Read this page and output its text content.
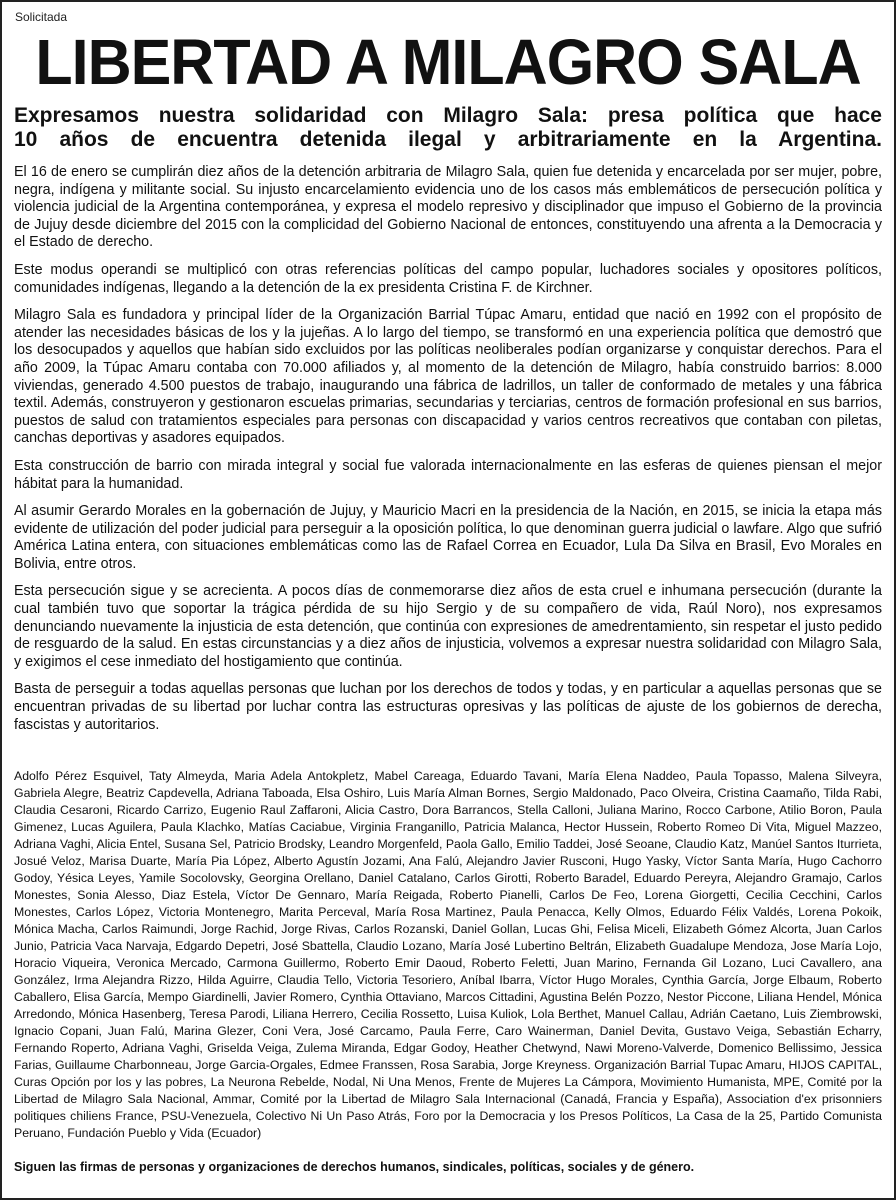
Solicitada
LIBERTAD A MILAGRO SALA
Expresamos nuestra solidaridad con Milagro Sala: presa política que hace
10 años de encuentra detenida ilegal y arbitrariamente en la Argentina.

El 16 de enero se cumplirán diez años de la detención arbitraria de Milagro Sala, quien fue detenida y encarcelada por ser mujer, pobre, negra, indígena y militante social. Su injusto encarcelamiento evidencia uno de los casos más emblemáticos de persecución política y violencia judicial de la Argentina contemporánea, y expresa el modelo represivo y disciplinador que impuso el Gobierno de la provincia de Jujuy desde diciembre del 2015 con la complicidad del Gobierno Nacional de entonces, constituyendo una afrenta a la Democracia y el Estado de derecho.

Este modus operandi se multiplicó con otras referencias políticas del campo popular, luchadores sociales y opositores políticos, comunidades indígenas, llegando a la detención de la ex presidenta Cristina F. de Kirchner.

Milagro Sala es fundadora y principal líder de la Organización Barrial Túpac Amaru, entidad que nació en 1992 con el propósito de atender las necesidades básicas de los y la jujeñas. A lo largo del tiempo, se transformó en una experiencia política que demostró que los desocupados y aquellos que habían sido excluidos por las políticas neoliberales podían organizarse y conquistar derechos. Para el año 2009, la Túpac Amaru contaba con 70.000 afiliados y, al momento de la detención de Milagro, había construido barrios: 8.000 viviendas, generado 4.500 puestos de trabajo, inaugurando una fábrica de ladrillos, un taller de conformado de metales y una fábrica textil. Además, construyeron y gestionaron escuelas primarias, secundarias y terciarias, centros de formación profesional en sus barrios, puestos de salud con tratamientos especiales para personas con discapacidad y varios centros recreativos que contaban con piletas, canchas deportivas y asadores equipados.

Esta construcción de barrio con mirada integral y social fue valorada internacionalmente en las esferas de quienes piensan el mejor hábitat para la humanidad.

Al asumir Gerardo Morales en la gobernación de Jujuy, y Mauricio Macri en la presidencia de la Nación, en 2015, se inicia la etapa más evidente de utilización del poder judicial para perseguir a la oposición política, lo que denominan guerra judicial o lawfare. Algo que sufrió América Latina entera, con situaciones emblemáticas como las de Rafael Correa en Ecuador, Lula Da Silva en Brasil, Evo Morales en Bolivia, entre otros.

Esta persecución sigue y se acrecienta. A pocos días de conmemorarse diez años de esta cruel e inhumana persecución (durante la cual también tuvo que soportar la trágica pérdida de su hijo Sergio y de su compañero de vida, Raúl Noro), nos expresamos denunciando nuevamente la injusticia de esta detención, que continúa con expresiones de amedrentamiento, sin respetar el justo pedido de resguardo de la salud. En estas circunstancias y a diez años de injusticia, volvemos a expresar nuestra solidaridad con Milagro Sala, y exigimos el cese inmediato del hostigamiento que continúa.

Basta de perseguir a todas aquellas personas que luchan por los derechos de todos y todas, y en particular a aquellas personas que se encuentran privadas de su libertad por luchar contra las estructuras opresivas y las políticas de ajuste de los gobiernos de derecha, fascistas y autoritarios.

Adolfo Pérez Esquivel, Taty Almeyda, Maria Adela Antokpletz, Mabel Careaga, Eduardo Tavani, María Elena Naddeo, Paula Topasso, Malena Silveyra, Gabriela Alegre, Beatriz Capdevella, Adriana Taboada, Elsa Oshiro, Luis María Alman Bornes, Sergio Maldonado, Paco Olveira, Cristina Caamaño, Tilda Rabi, Claudia Cesaroni, Ricardo Carrizo, Eugenio Raul Zaffaroni, Alicia Castro, Dora Barrancos, Stella Calloni, Juliana Marino, Rocco Carbone, Atilio Boron, Paula Gimenez, Lucas Aguilera, Paula Klachko, Matías Caciabue, Virginia Franganillo, Patricia Malanca, Hector Hussein, Roberto Romeo Di Vita, Miguel Mazzeo, Adriana Vaghi, Alicia Entel, Susana Sel, Patricio Brodsky, Leandro Morgenfeld, Paola Gallo, Emilio Taddei, José Seoane, Claudio Katz, Manúel Santos Iturrieta, Josué Veloz, Marisa Duarte, María Pia López, Alberto Agustín Jozami, Ana Falú, Alejandro Javier Rusconi, Hugo Yasky, Víctor Santa María, Hugo Cachorro Godoy, Yésica Leyes, Yamile Socolovsky, Georgina Orellano, Daniel Catalano, Carlos Girotti, Roberto Baradel, Eduardo Pereyra, Alejandro Gramajo, Carlos Monestes, Sonia Alesso, Diaz Estela, Víctor De Gennaro, María Reigada, Roberto Pianelli, Carlos De Feo, Lorena Giorgetti, Cecilia Cecchini, Carlos Monestes, Carlos López, Victoria Montenegro, Marita Perceval, María Rosa Martinez, Paula Penacca, Kelly Olmos, Eduardo Félix Valdés, Lorena Pokoik, Mónica Macha, Carlos Raimundi, Jorge Rachid, Jorge Rivas, Carlos Rozanski, Daniel Gollan, Lucas Ghi, Felisa Miceli, Elizabeth Gómez Alcorta, Juan Carlos Junio, Patricia Vaca Narvaja, Edgardo Depetri, José Sbattella, Claudio Lozano, María José Lubertino Beltrán, Elizabeth Guadalupe Mendoza, Jose María Lojo, Horacio Viqueira, Veronica Mercado, Carmona Guillermo, Roberto Emir Daoud, Roberto Feletti, Juan Marino, Fernanda Gil Lozano, Luci Cavallero, ana González, Irma Alejandra Rizzo, Hilda Aguirre, Claudia Tello, Victoria Tesoriero, Aníbal Ibarra, Víctor Hugo Morales, Cynthia García, Jorge Elbaum, Roberto Caballero, Elisa García, Mempo Giardinelli, Javier Romero, Cynthia Ottaviano, Marcos Cittadini, Agustina Belén Pozzo, Nestor Piccone, Liliana Hendel, Mónica Arredondo, Mónica Hasenberg, Teresa Parodi, Liliana Herrero, Cecilia Rossetto, Luisa Kuliok, Lola Berthet, Manuel Callau, Adrián Caetano, Luis Ziembrowski, Ignacio Copani, Juan Falú, Marina Glezer, Coni Vera, José Carcamo, Paula Ferre, Caro Wainerman, Daniel Devita, Gustavo Veiga, Sebastián Echarry, Fernando Roperto, Adriana Vaghi, Griselda Veiga, Zulema Miranda, Edgar Godoy, Heather Chetwynd, Nawi Moreno-Valverde, Domenico Bellissimo, Jessica Farias, Guillaume Charbonneau, Jorge Garcia-Orgales, Edmee Franssen, Rosa Sarabia, Jorge Kreyness. Organización Barrial Tupac Amaru, HIJOS CAPITAL, Curas Opción por los y las pobres, La Neurona Rebelde, Nodal, Ni Una Menos, Frente de Mujeres La Cámpora, Movimiento Humanista, MPE, Comité por la Libertad de Milagro Sala Nacional, Ammar, Comité por la Libertad de Milagro Sala Internacional (Canadá, Francia y España), Association d'ex prisonniers politiques chiliens France, PSU-Venezuela, Colectivo Ni Un Paso Atrás, Foro por la Democracia y los Presos Políticos, La Casa de la 25, Partido Comunista Peruano, Fundación Pueblo y Vida (Ecuador)
Siguen las firmas de personas y organizaciones de derechos humanos, sindicales, políticas, sociales y de género.
